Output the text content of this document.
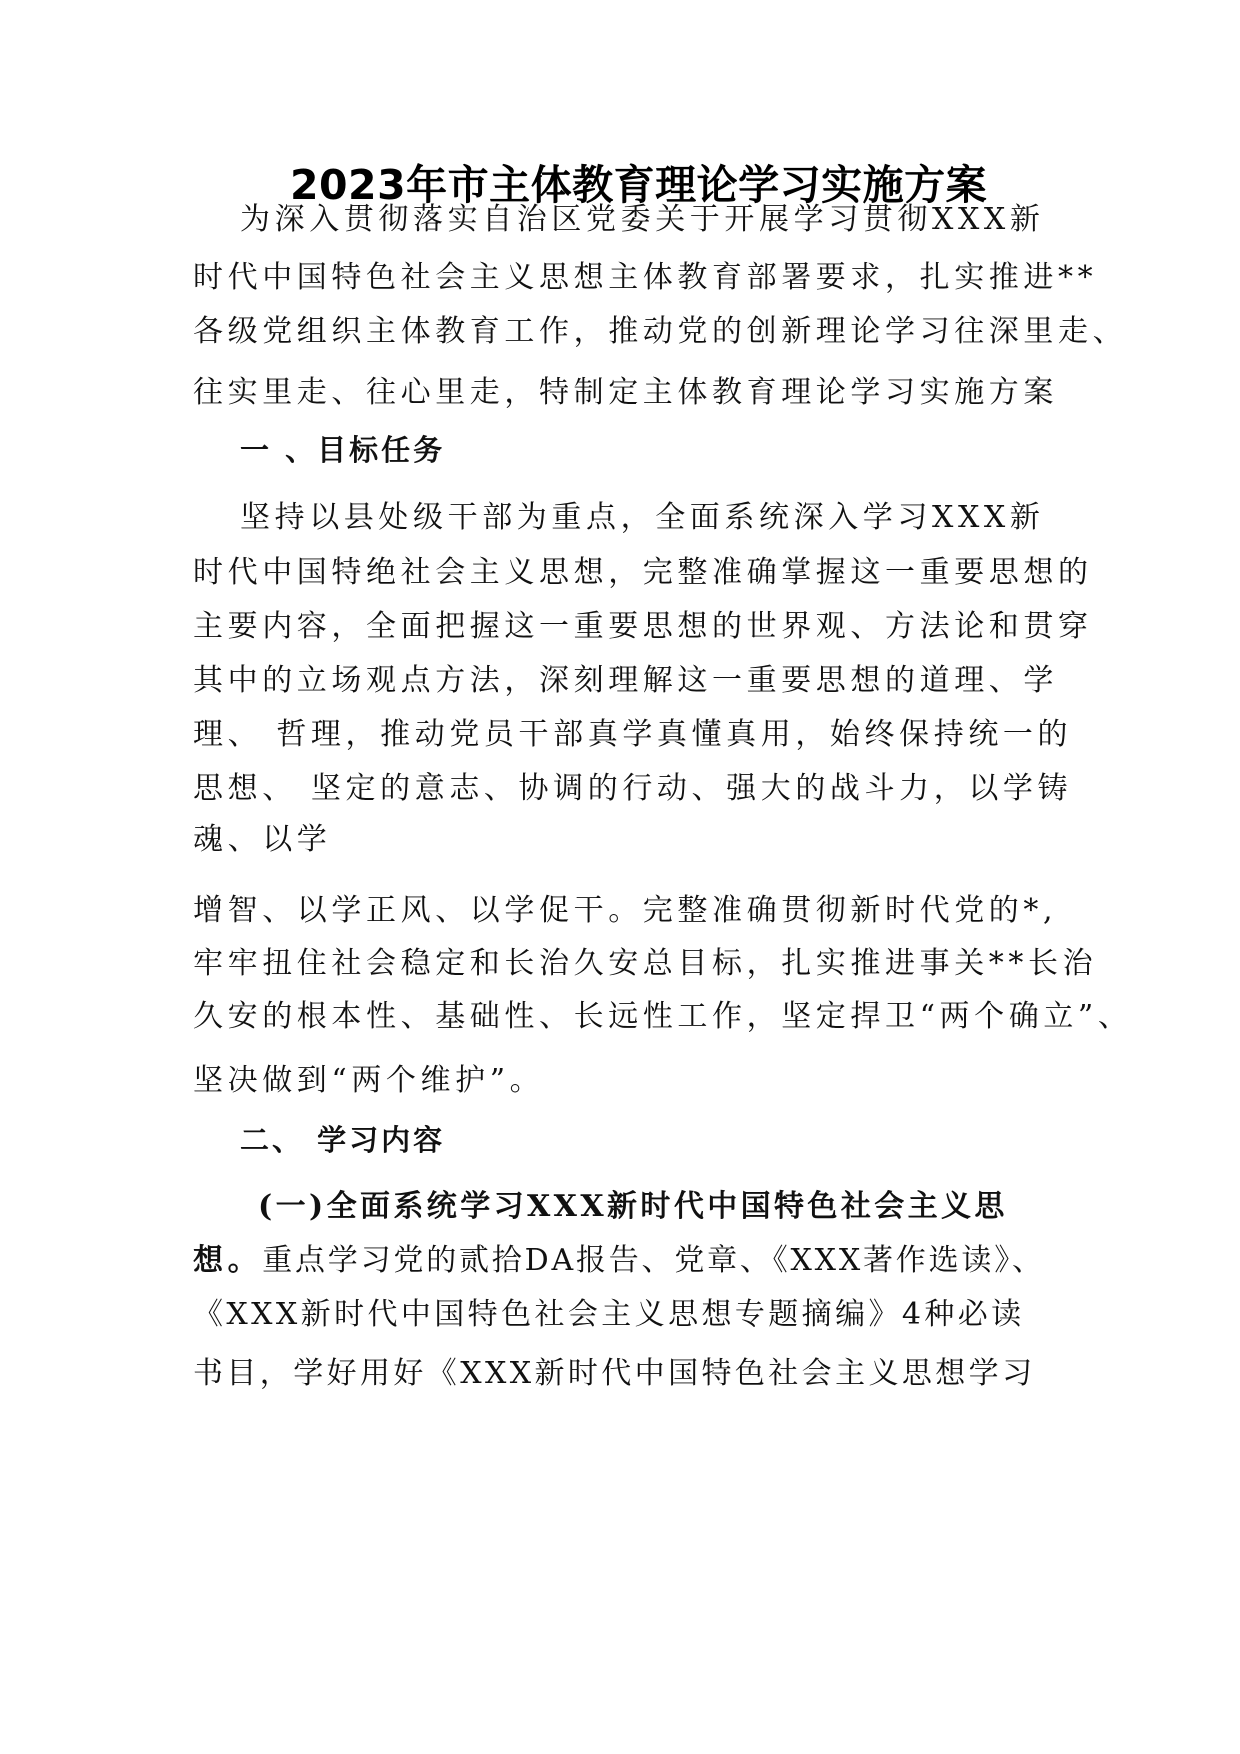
2023年市主体教育理论学习实施方案
为深入贯彻落实自治区党委关于开展学习贯彻XXX新
时代中国特色社会主义思想主体教育部署要求，扎实推进**
各级党组织主体教育工作，推动党的创新理论学习往深里走、
往实里走、往心里走，特制定主体教育理论学习实施方案
一 、目标任务
坚持以县处级干部为重点，全面系统深入学习XXX新
时代中国特绝社会主义思想，完整准确掌握这一重要思想的
主要内容，全面把握这一重要思想的世界观、方法论和贯穿
其中的立场观点方法，深刻理解这一重要思想的道理、学
理、 哲理，推动党员干部真学真懂真用，始终保持统一的
思想、 坚定的意志、协调的行动、强大的战斗力，以学铸
魂、以学
增智、以学正风、以学促干。完整准确贯彻新时代党的*,
牢牢扭住社会稳定和长治久安总目标，扎实推进事关**长治
久安的根本性、基础性、长远性工作，坚定捍卫“两个确立”、
坚决做到“两个维护”。
二、 学习内容
(一)全面系统学习XXX新时代中国特色社会主义思
想。重点学习党的贰拾DA报告、党章、《XXX著作选读》、
《XXX新时代中国特色社会主义思想专题摘编》4种必读
书目，学好用好《XXX新时代中国特色社会主义思想学习
